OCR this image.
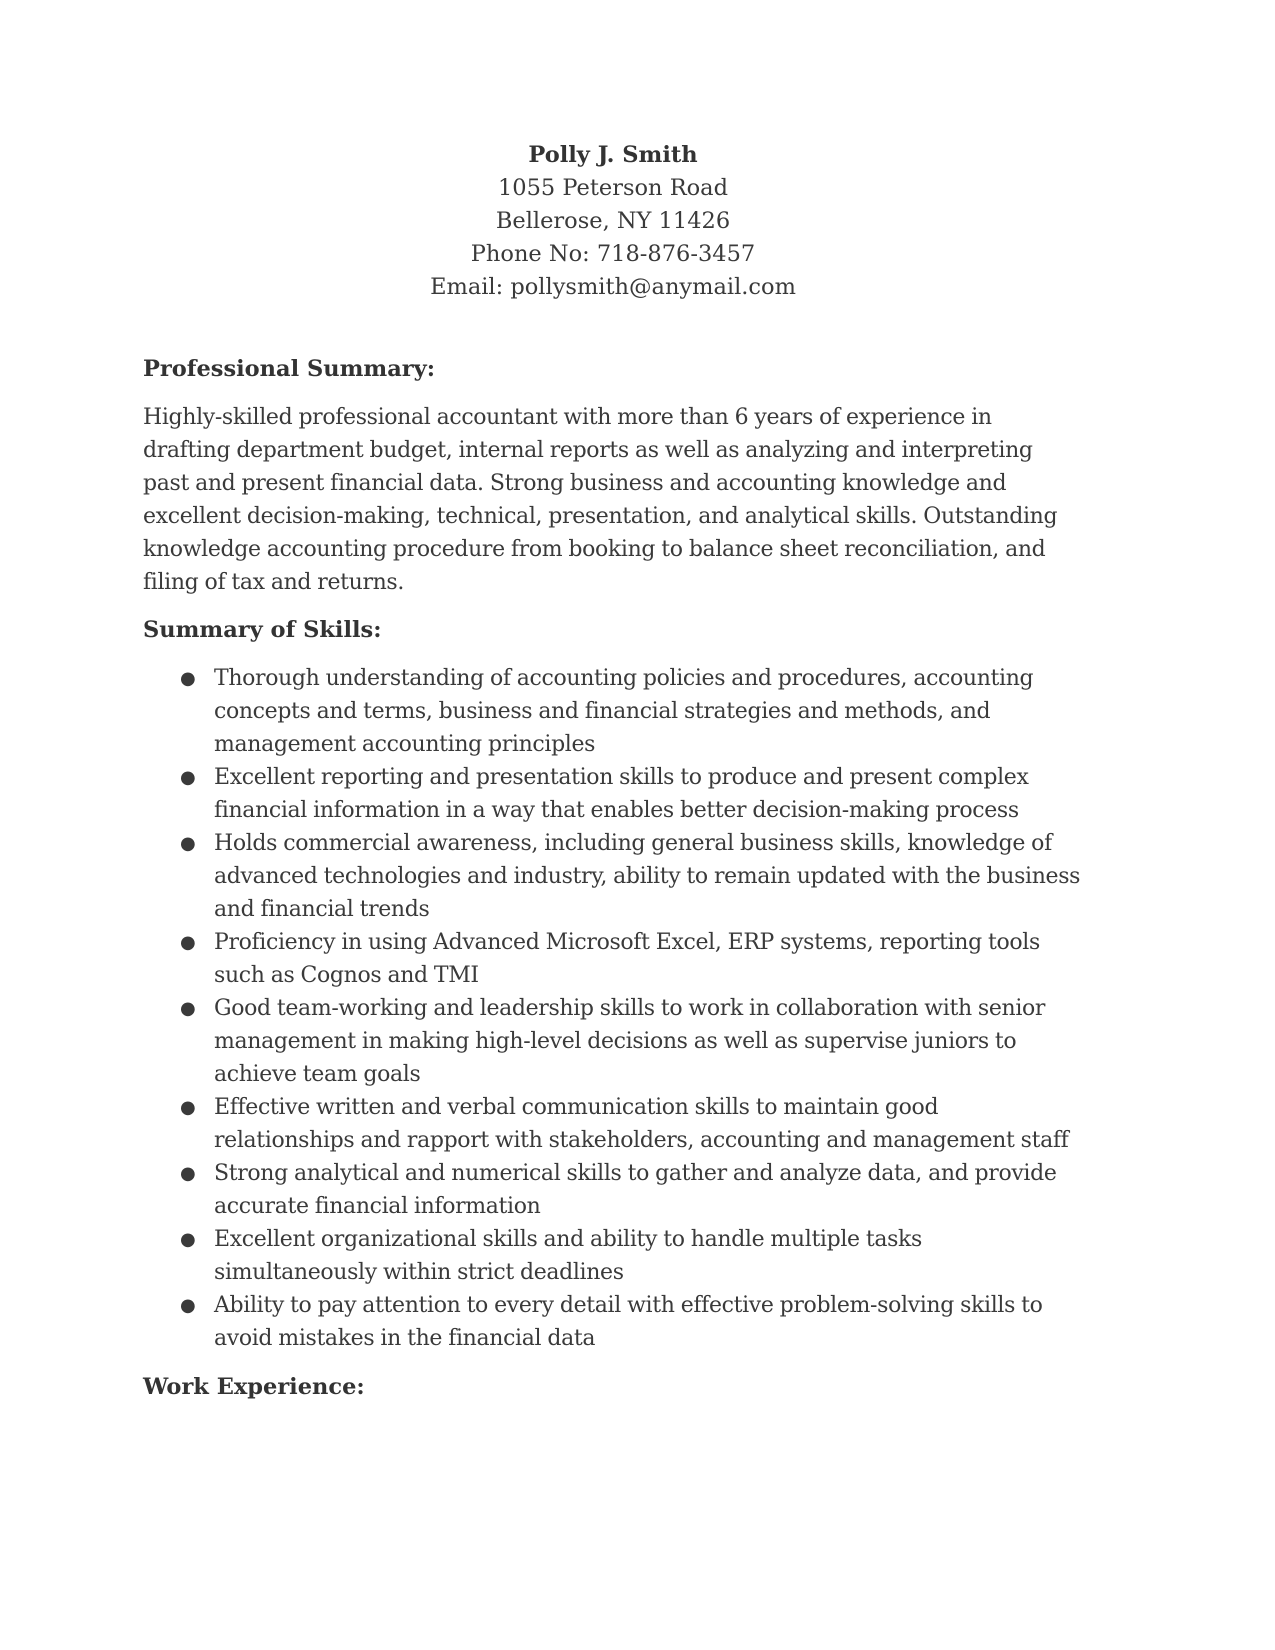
Polly J. Smith
1055 Peterson Road
Bellerose, NY 11426
Phone No: 718-876-3457
Email: pollysmith@anymail.com
Professional Summary:

Highly-skilled professional accountant with more than 6 years of experience in drafting department budget, internal reports as well as analyzing and interpreting past and present financial data. Strong business and accounting knowledge and excellent decision-making, technical, presentation, and analytical skills. Outstanding knowledge accounting procedure from booking to balance sheet reconciliation, and filing of tax and returns.

Summary of Skills:
● Thorough understanding of accounting policies and procedures, accounting concepts and terms, business and financial strategies and methods, and management accounting principles
● Excellent reporting and presentation skills to produce and present complex financial information in a way that enables better decision-making process
● Holds commercial awareness, including general business skills, knowledge of advanced technologies and industry, ability to remain updated with the business and financial trends
● Proficiency in using Advanced Microsoft Excel, ERP systems, reporting tools such as Cognos and TMI
● Good team-working and leadership skills to work in collaboration with senior management in making high-level decisions as well as supervise juniors to achieve team goals
● Effective written and verbal communication skills to maintain good relationships and rapport with stakeholders, accounting and management staff
● Strong analytical and numerical skills to gather and analyze data, and provide accurate financial information
● Excellent organizational skills and ability to handle multiple tasks simultaneously within strict deadlines
● Ability to pay attention to every detail with effective problem-solving skills to avoid mistakes in the financial data
Work Experience:
